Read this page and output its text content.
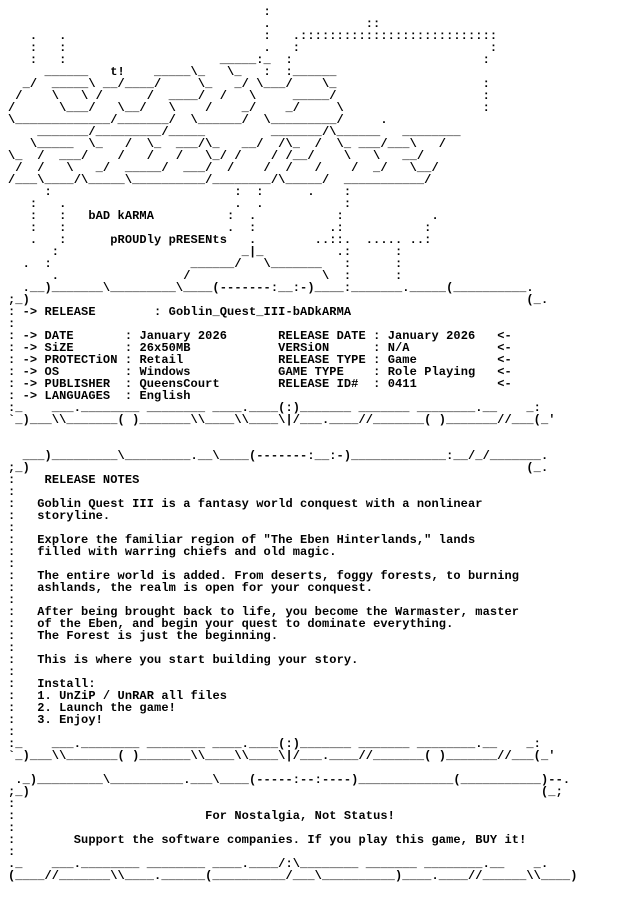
:
.             ::
.   .                           :   .:::::::::::::::::::::::::::
:   :                           .   :                          :
:   :                     _____:_  :                          :
______   t!    _____\_   \_   :  :______
_/  _____\ __/____/     \_   _/ \___/    \_                    :
/    \   \ /      /  ____/  /   \     _____/                    :
/      \___/   \__/   \    /    _/    _/     \                   :
\_____________/_______/  \______/  \_________/     .
_______/_________/_____         _______/\______   ________
\_____  \_   /  \_  ___/\_   __/  /\_  /  \_ ___/___\   /
\_  /  ___/    /   /   /   \_/ /    / /__/    \   \   __/
/  /   \   _/  _____/  ___/  /    /  /   /    /  _/   \__/
/___\____/\_____\__________/________/\_____/  ___________/
:                         :  :      .    :
:   .                       .  .           :
:   :   bAD kARMA          :  .           :            .
:   :                      .  :          .:           :
.   :      pROUDly pRESENts   .        ..::.  ..... ..:
:                         _|_          .:      :
.  :                   ______/   \_______   :      :
.                 /                  \  :      :
.__)_______\_________\____(-------:__:-)____:_______._____(__________.
;_)                                                                    (_.
: -> RELEASE        : Goblin_Quest_III-bADkARMA
:
: -> DATE       : January 2026       RELEASE DATE : January 2026   <-
: -> SiZE       : 26x50MB            VERSiON      : N/A            <-
: -> PROTECTiON : Retail             RELEASE TYPE : Game           <-
: -> OS         : Windows            GAME TYPE    : Role Playing   <-
: -> PUBLISHER  : QueensCourt        RELEASE ID#  : 0411           <-
: -> LANGUAGES  : English
:_    ___.________ ________ ____.____(:)_______ _______ ________.__    _:
`_)___\\_______( )_______\\____\\____\|/___.____//_______( )_______//___(_'

___)_________\_________.__\____(-------:__:-)_____________:__/_/_______.
;_)                                                                    (_.
:    RELEASE NOTES
:
:   Goblin Quest III is a fantasy world conquest with a nonlinear
:   storyline.
:
:   Explore the familiar region of "The Eben Hinterlands," lands
:   filled with warring chiefs and old magic.
:
:   The entire world is added. From deserts, foggy forests, to burning
:   ashlands, the realm is open for your conquest.
:
:   After being brought back to life, you become the Warmaster, master
:   of the Eben, and begin your quest to dominate everything.
:   The Forest is just the beginning.
:
:   This is where you start building your story.
:
:   Install:
:   1. UnZiP / UnRAR all files
:   2. Launch the game!
:   3. Enjoy!
:
:_    ___.________ ________ ____.____(:)_______ _______ ________.__    _:
`_)___\\_______( )_______\\____\\____\|/___.____//_______( )_______//___(_'

._)_________\__________.___\____(-----:--:----)_____________(___________)--.
;_)                                                                      (_;
:
:                          For Nostalgia, Not Status!
:
:        Support the software companies. If you play this game, BUY it!
:
._    ___.________ ________ ____.____/:\________ _______ ________.__    _.
(____//_______\\____.______(__________/___\__________)____.____//______\\____)
